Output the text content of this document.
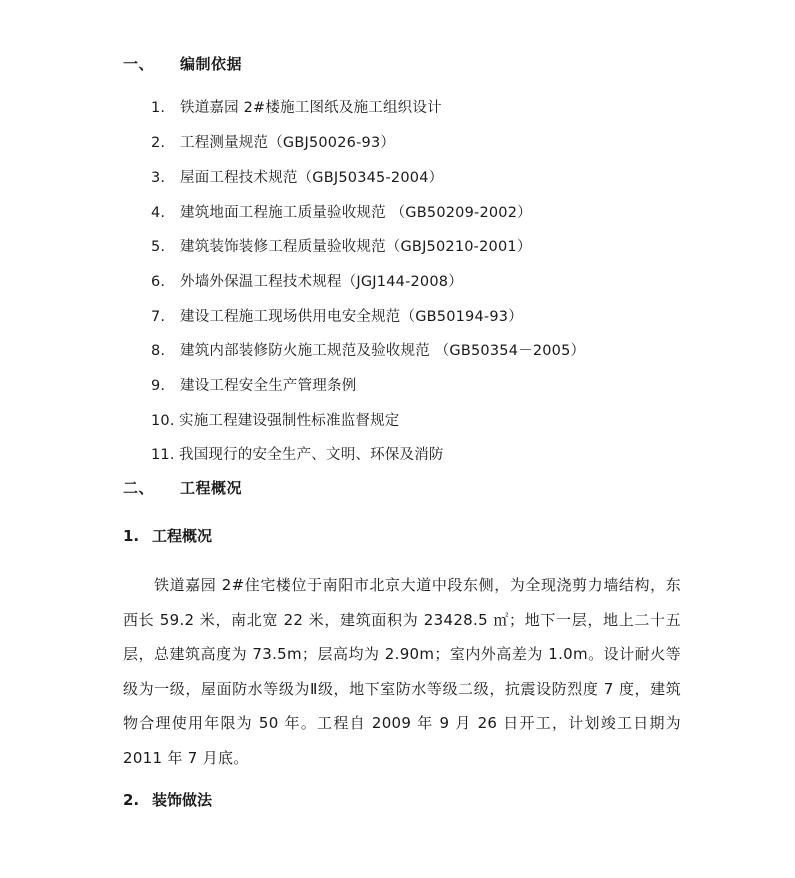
一、 编制依据
1. 铁道嘉园 2#楼施工图纸及施工组织设计
2. 工程测量规范（GBJ50026-93）
3. 屋面工程技术规范（GBJ50345-2004）
4. 建筑地面工程施工质量验收规范 （GB50209-2002）
5. 建筑装饰装修工程质量验收规范（GBJ50210-2001）
6. 外墙外保温工程技术规程（JGJ144-2008）
7. 建设工程施工现场供用电安全规范（GB50194-93）
8. 建筑内部装修防火施工规范及验收规范 （GB50354－2005）
9. 建设工程安全生产管理条例
10. 实施工程建设强制性标准监督规定
11. 我国现行的安全生产、文明、环保及消防
二、 工程概况
1. 工程概况

铁道嘉园 2#住宅楼位于南阳市北京大道中段东侧，为全现浇剪力墙结构，东西长 59.2 米，南北宽 22 米，建筑面积为 23428.5 ㎡；地下一层，地上二十五层，总建筑高度为 73.5m；层高均为 2.90m；室内外高差为 1.0m。设计耐火等级为一级，屋面防水等级为Ⅱ级，地下室防水等级二级，抗震设防烈度 7 度，建筑物合理使用年限为 50 年。工程自 2009 年 9 月 26 日开工，计划竣工日期为 2011 年 7 月底。

2. 装饰做法
